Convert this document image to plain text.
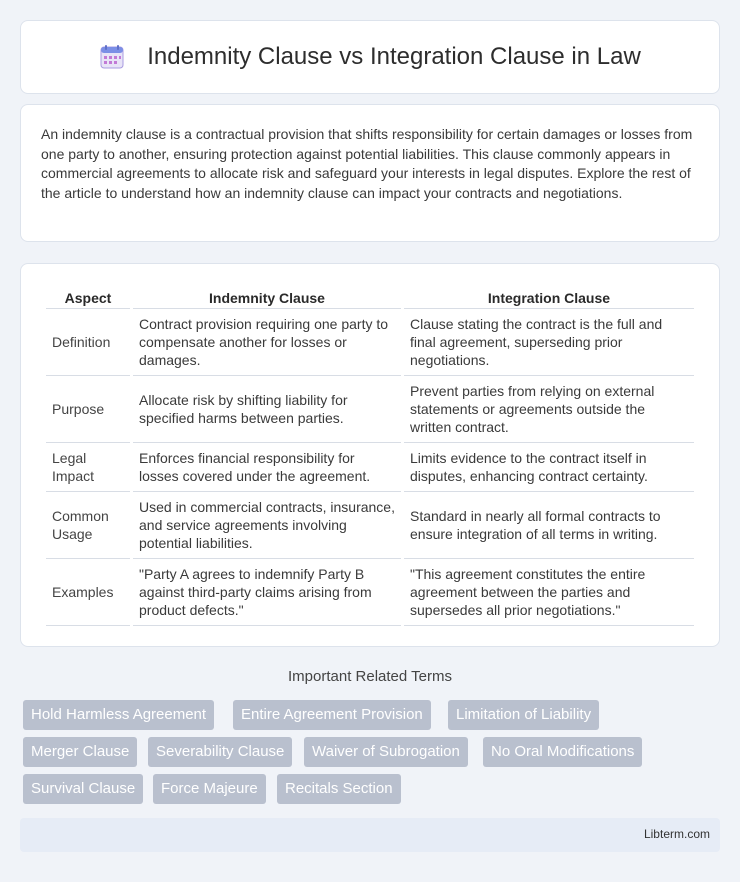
Indemnity Clause vs Integration Clause in Law

An indemnity clause is a contractual provision that shifts responsibility for certain damages or losses from one party to another, ensuring protection against potential liabilities. This clause commonly appears in commercial agreements to allocate risk and safeguard your interests in legal disputes. Explore the rest of the article to understand how an indemnity clause can impact your contracts and negotiations.

Aspect	Indemnity Clause	Integration Clause
Definition	Contract provision requiring one party to compensate another for losses or damages.	Clause stating the contract is the full and final agreement, superseding prior negotiations.
Purpose	Allocate risk by shifting liability for specified harms between parties.	Prevent parties from relying on external statements or agreements outside the written contract.
Legal Impact	Enforces financial responsibility for losses covered under the agreement.	Limits evidence to the contract itself in disputes, enhancing contract certainty.
Common Usage	Used in commercial contracts, insurance, and service agreements involving potential liabilities.	Standard in nearly all formal contracts to ensure integration of all terms in writing.
Examples	"Party A agrees to indemnify Party B against third-party claims arising from product defects."	"This agreement constitutes the entire agreement between the parties and supersedes all prior negotiations."
Important Related Terms
Hold Harmless Agreement	Entire Agreement Provision	Limitation of Liability
Merger Clause	Severability Clause	Waiver of Subrogation	No Oral Modifications
Survival Clause	Force Majeure	Recitals Section
Libterm.com
